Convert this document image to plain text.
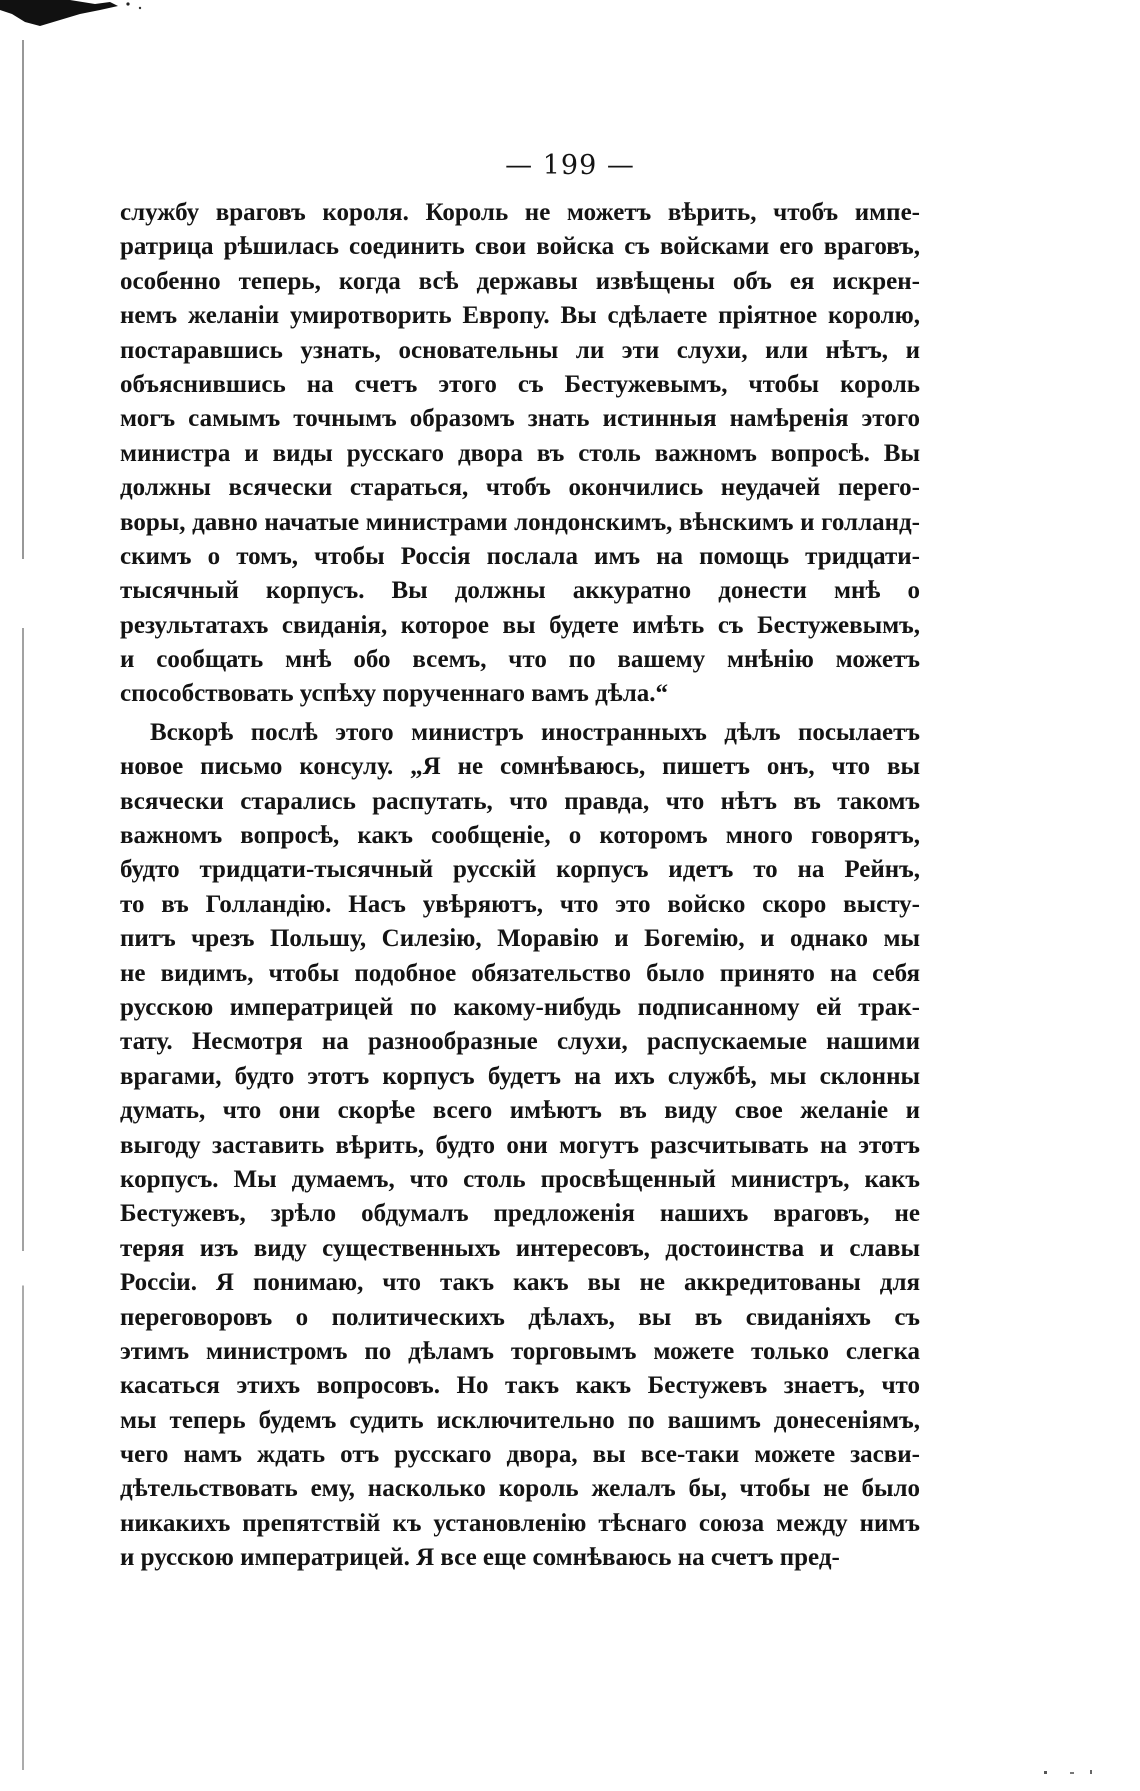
— 199 —
службу враговъ короля. Король не можетъ вѣрить, чтобъ импе-
ратрица рѣшилась соединить свои войска съ войсками его враговъ,
особенно теперь, когда всѣ державы извѣщены объ ея искрен-
немъ желаніи умиротворить Европу. Вы сдѣлаете пріятное королю,
постаравшись узнать, основательны ли эти слухи, или нѣтъ, и
объяснившись на счетъ этого съ Бестужевымъ, чтобы король
могъ самымъ точнымъ образомъ знать истинныя намѣренія этого
министра и виды русскаго двора въ столь важномъ вопросѣ. Вы
должны всячески стараться, чтобъ окончились неудачей перего-
воры, давно начатые министрами лондонскимъ, вѣнскимъ и голланд-
скимъ о томъ, чтобы Россія послала имъ на помощь тридцати-
тысячный корпусъ. Вы должны аккуратно донести мнѣ о
результатахъ свиданія, которое вы будете имѣть съ Бестужевымъ,
и сообщать мнѣ обо всемъ, что по вашему мнѣнію можетъ
способствовать успѣху порученнаго вамъ дѣла.“
Вскорѣ послѣ этого министръ иностранныхъ дѣлъ посылаетъ
новое письмо консулу. „Я не сомнѣваюсь, пишетъ онъ, что вы
всячески старались распутать, что правда, что нѣтъ въ такомъ
важномъ вопросѣ, какъ сообщеніе, о которомъ много говорятъ,
будто тридцати-тысячный русскій корпусъ идетъ то на Рейнъ,
то въ Голландію. Насъ увѣряютъ, что это войско скоро высту-
питъ чрезъ Польшу, Силезію, Моравію и Богемію, и однако мы
не видимъ, чтобы подобное обязательство было принято на себя
русскою императрицей по какому-нибудь подписанному ей трак-
тату. Несмотря на разнообразные слухи, распускаемые нашими
врагами, будто этотъ корпусъ будетъ на ихъ службѣ, мы склонны
думать, что они скорѣе всего имѣютъ въ виду свое желаніе и
выгоду заставить вѣрить, будто они могутъ разсчитывать на этотъ
корпусъ. Мы думаемъ, что столь просвѣщенный министръ, какъ
Бестужевъ, зрѣло обдумалъ предложенія нашихъ враговъ, не
теряя изъ виду существенныхъ интересовъ, достоинства и славы
Россіи. Я понимаю, что такъ какъ вы не аккредитованы для
переговоровъ о политическихъ дѣлахъ, вы въ свиданіяхъ съ
этимъ министромъ по дѣламъ торговымъ можете только слегка
касаться этихъ вопросовъ. Но такъ какъ Бестужевъ знаетъ, что
мы теперь будемъ судить исключительно по вашимъ донесеніямъ,
чего намъ ждать отъ русскаго двора, вы все-таки можете засви-
дѣтельствовать ему, насколько король желалъ бы, чтобы не было
никакихъ препятствій къ установленію тѣснаго союза между нимъ
и русскою императрицей. Я все еще сомнѣваюсь на счетъ пред-
